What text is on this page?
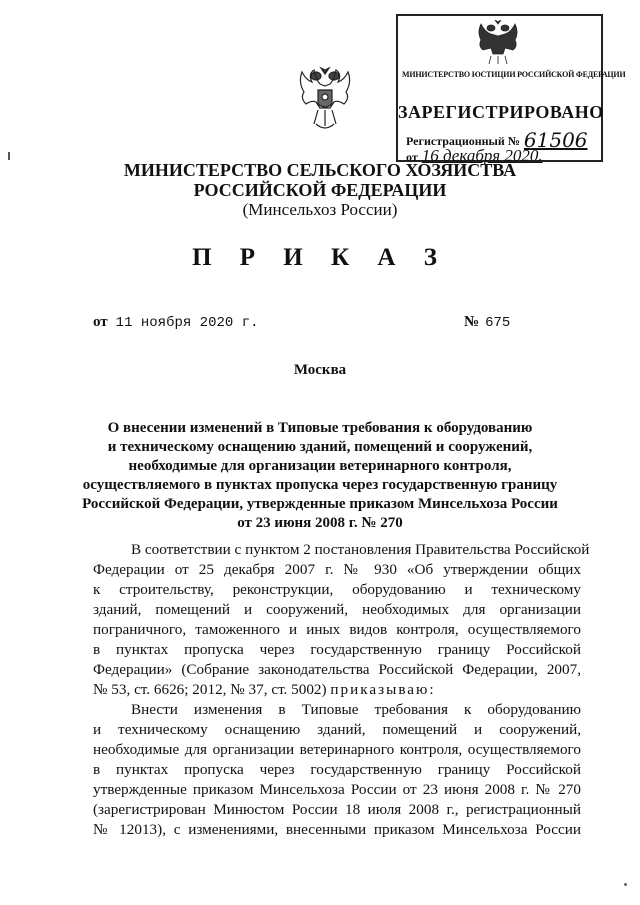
МИНИСТЕРСТВО ЮСТИЦИИ РОССИЙСКОЙ ФЕДЕРАЦИИ
ЗАРЕГИСТРИРОВАНО
Регистрационный № 61506
от 16 декабря 2020.
МИНИСТЕРСТВО СЕЛЬСКОГО ХОЗЯЙСТВА
РОССИЙСКОЙ ФЕДЕРАЦИИ
(Минсельхоз России)
П Р И К А З
от 11 ноября 2020 г.	№ 675
Москва
О внесении изменений в Типовые требования к оборудованию
и техническому оснащению зданий, помещений и сооружений,
необходимые для организации ветеринарного контроля,
осуществляемого в пунктах пропуска через государственную границу
Российской Федерации, утвержденные приказом Минсельхоза России
от 23 июня 2008 г. № 270
В соответствии с пунктом 2 постановления Правительства Российской
Федерации от 25 декабря 2007 г. № 930 «Об утверждении общих
к строительству, реконструкции, оборудованию и техническому
зданий, помещений и сооружений, необходимых для организации
пограничного, таможенного и иных видов контроля, осуществляемого
в пунктах пропуска через государственную границу Российской
Федерации» (Собрание законодательства Российской Федерации, 2007,
№ 53, ст. 6626; 2012, № 37, ст. 5002) приказываю:
Внести изменения в Типовые требования к оборудованию
и техническому оснащению зданий, помещений и сооружений,
необходимые для организации ветеринарного контроля, осуществляемого
в пунктах пропуска через государственную границу Российской
утвержденные приказом Минсельхоза России от 23 июня 2008 г. № 270
(зарегистрирован Минюстом России 18 июля 2008 г., регистрационный
№ 12013), с изменениями, внесенными приказом Минсельхоза России
